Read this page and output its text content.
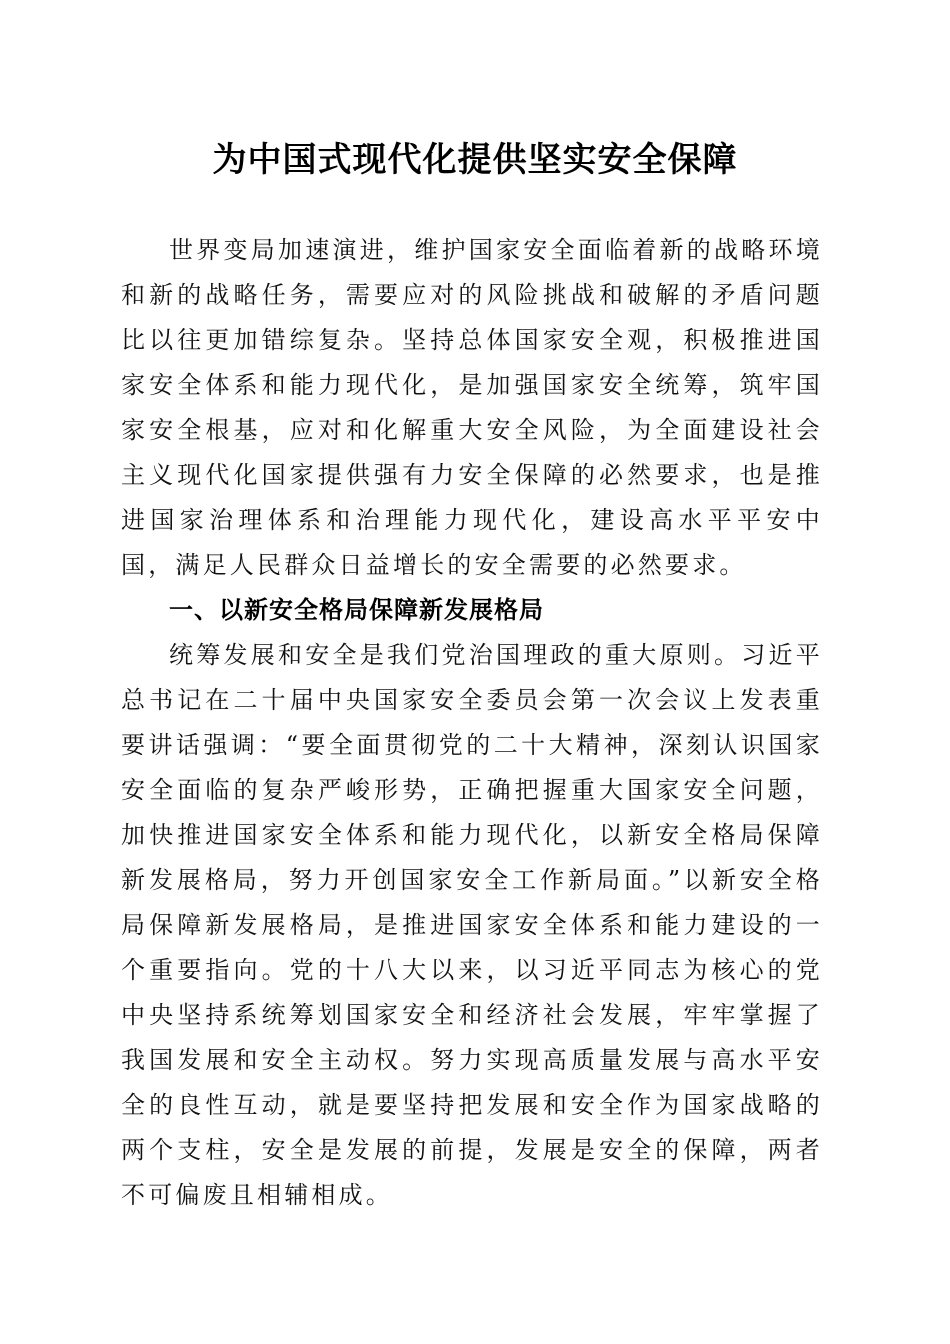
为中国式现代化提供坚实安全保障

世界变局加速演进，维护国家安全面临着新的战略环境和新的战略任务，需要应对的风险挑战和破解的矛盾问题比以往更加错综复杂。坚持总体国家安全观，积极推进国家安全体系和能力现代化，是加强国家安全统筹，筑牢国家安全根基，应对和化解重大安全风险，为全面建设社会主义现代化国家提供强有力安全保障的必然要求，也是推进国家治理体系和治理能力现代化，建设高水平平安中国，满足人民群众日益增长的安全需要的必然要求。

一、以新安全格局保障新发展格局

统筹发展和安全是我们党治国理政的重大原则。习近平总书记在二十届中央国家安全委员会第一次会议上发表重要讲话强调：“要全面贯彻党的二十大精神，深刻认识国家安全面临的复杂严峻形势，正确把握重大国家安全问题，加快推进国家安全体系和能力现代化，以新安全格局保障新发展格局，努力开创国家安全工作新局面。”以新安全格局保障新发展格局，是推进国家安全体系和能力建设的一个重要指向。党的十八大以来，以习近平同志为核心的党中央坚持系统筹划国家安全和经济社会发展，牢牢掌握了我国发展和安全主动权。努力实现高质量发展与高水平安全的良性互动，就是要坚持把发展和安全作为国家战略的两个支柱，安全是发展的前提，发展是安全的保障，两者不可偏废且相辅相成。
